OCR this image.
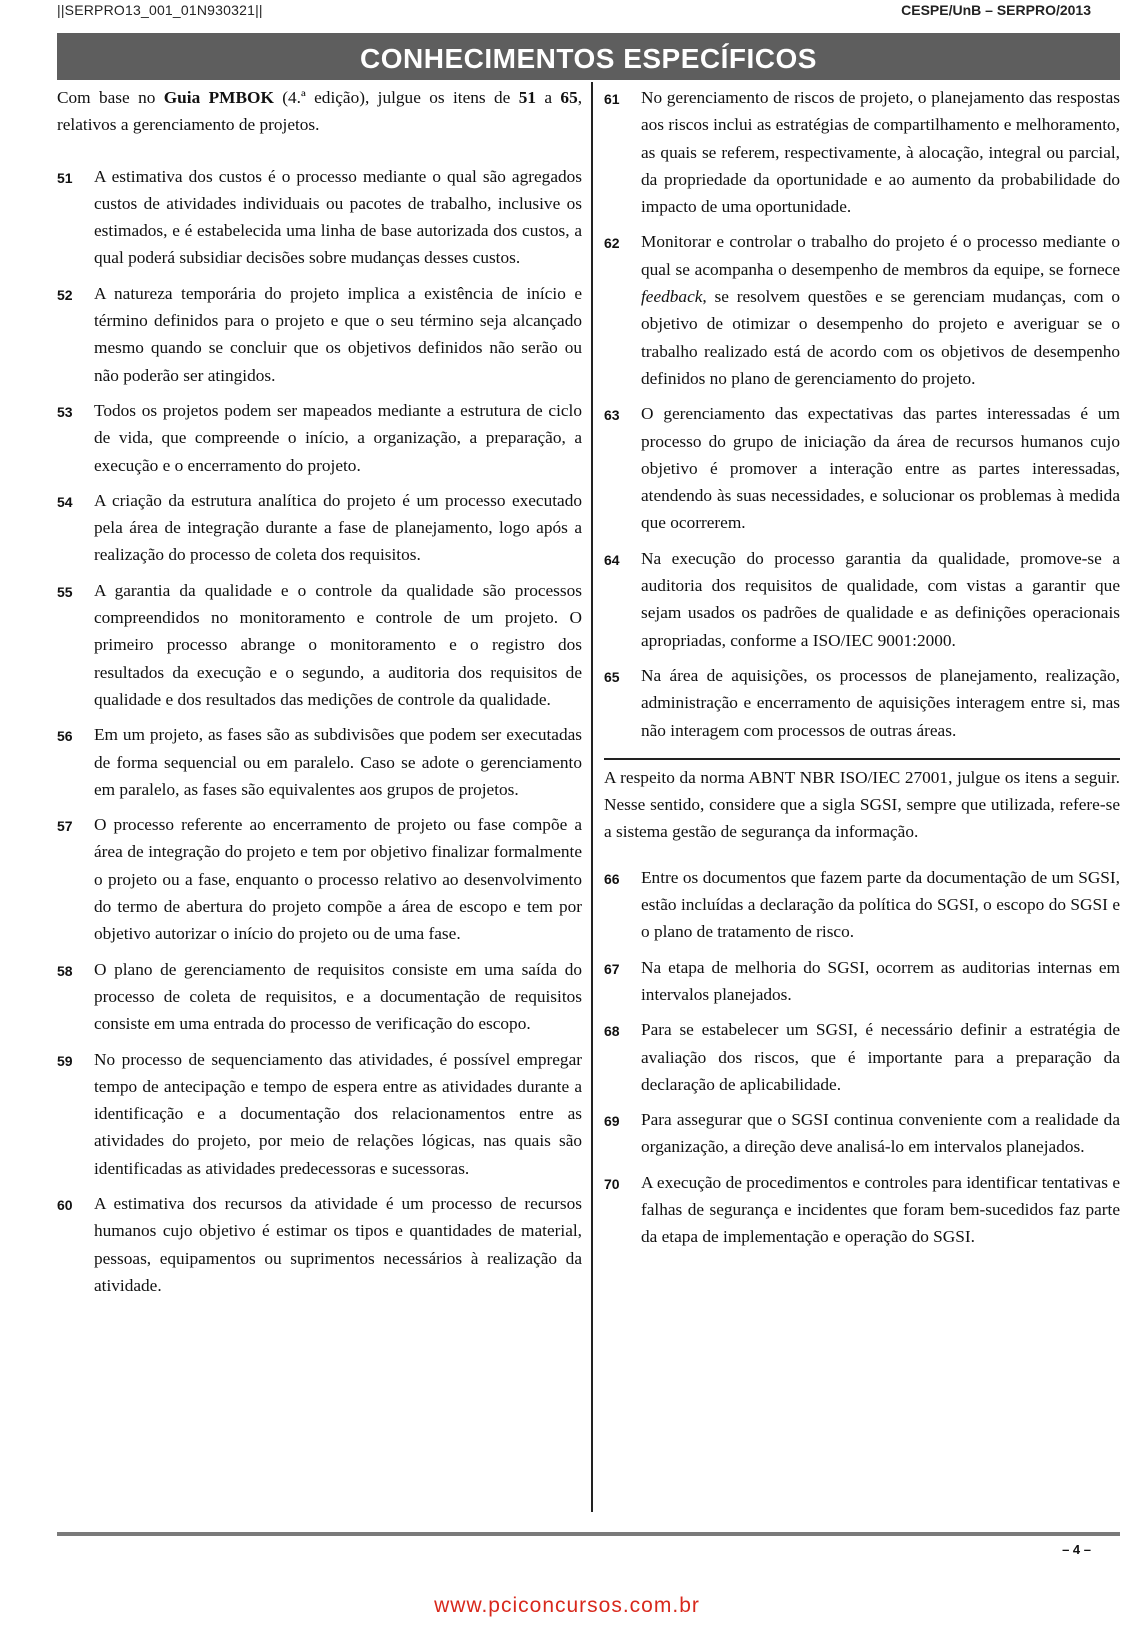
||SERPRO13_001_01N930321||	CESPE/UnB – SERPRO/2013
CONHECIMENTOS ESPECÍFICOS

Com base no Guia PMBOK (4.ª edição), julgue os itens de 51 a 65, relativos a gerenciamento de projetos.

51	A estimativa dos custos é o processo mediante o qual são agregados custos de atividades individuais ou pacotes de trabalho, inclusive os estimados, e é estabelecida uma linha de base autorizada dos custos, a qual poderá subsidiar decisões sobre mudanças desses custos.
52	A natureza temporária do projeto implica a existência de início e término definidos para o projeto e que o seu término seja alcançado mesmo quando se concluir que os objetivos definidos não serão ou não poderão ser atingidos.
53	Todos os projetos podem ser mapeados mediante a estrutura de ciclo de vida, que compreende o início, a organização, a preparação, a execução e o encerramento do projeto.
54	A criação da estrutura analítica do projeto é um processo executado pela área de integração durante a fase de planejamento, logo após a realização do processo de coleta dos requisitos.
55	A garantia da qualidade e o controle da qualidade são processos compreendidos no monitoramento e controle de um projeto. O primeiro processo abrange o monitoramento e o registro dos resultados da execução e o segundo, a auditoria dos requisitos de qualidade e dos resultados das medições de controle da qualidade.
56	Em um projeto, as fases são as subdivisões que podem ser executadas de forma sequencial ou em paralelo. Caso se adote o gerenciamento em paralelo, as fases são equivalentes aos grupos de projetos.
57	O processo referente ao encerramento de projeto ou fase compõe a área de integração do projeto e tem por objetivo finalizar formalmente o projeto ou a fase, enquanto o processo relativo ao desenvolvimento do termo de abertura do projeto compõe a área de escopo e tem por objetivo autorizar o início do projeto ou de uma fase.
58	O plano de gerenciamento de requisitos consiste em uma saída do processo de coleta de requisitos, e a documentação de requisitos consiste em uma entrada do processo de verificação do escopo.
59	No processo de sequenciamento das atividades, é possível empregar tempo de antecipação e tempo de espera entre as atividades durante a identificação e a documentação dos relacionamentos entre as atividades do projeto, por meio de relações lógicas, nas quais são identificadas as atividades predecessoras e sucessoras.
60	A estimativa dos recursos da atividade é um processo de recursos humanos cujo objetivo é estimar os tipos e quantidades de material, pessoas, equipamentos ou suprimentos necessários à realização da atividade.
61	No gerenciamento de riscos de projeto, o planejamento das respostas aos riscos inclui as estratégias de compartilhamento e melhoramento, as quais se referem, respectivamente, à alocação, integral ou parcial, da propriedade da oportunidade e ao aumento da probabilidade do impacto de uma oportunidade.
62	Monitorar e controlar o trabalho do projeto é o processo mediante o qual se acompanha o desempenho de membros da equipe, se fornece feedback, se resolvem questões e se gerenciam mudanças, com o objetivo de otimizar o desempenho do projeto e averiguar se o trabalho realizado está de acordo com os objetivos de desempenho definidos no plano de gerenciamento do projeto.
63	O gerenciamento das expectativas das partes interessadas é um processo do grupo de iniciação da área de recursos humanos cujo objetivo é promover a interação entre as partes interessadas, atendendo às suas necessidades, e solucionar os problemas à medida que ocorrerem.
64	Na execução do processo garantia da qualidade, promove-se a auditoria dos requisitos de qualidade, com vistas a garantir que sejam usados os padrões de qualidade e as definições operacionais apropriadas, conforme a ISO/IEC 9001:2000.
65	Na área de aquisições, os processos de planejamento, realização, administração e encerramento de aquisições interagem entre si, mas não interagem com processos de outras áreas.

A respeito da norma ABNT NBR ISO/IEC 27001, julgue os itens a seguir. Nesse sentido, considere que a sigla SGSI, sempre que utilizada, refere-se a sistema gestão de segurança da informação.

66	Entre os documentos que fazem parte da documentação de um SGSI, estão incluídas a declaração da política do SGSI, o escopo do SGSI e o plano de tratamento de risco.
67	Na etapa de melhoria do SGSI, ocorrem as auditorias internas em intervalos planejados.
68	Para se estabelecer um SGSI, é necessário definir a estratégia de avaliação dos riscos, que é importante para a preparação da declaração de aplicabilidade.
69	Para assegurar que o SGSI continua conveniente com a realidade da organização, a direção deve analisá-lo em intervalos planejados.
70	A execução de procedimentos e controles para identificar tentativas e falhas de segurança e incidentes que foram bem-sucedidos faz parte da etapa de implementação e operação do SGSI.
– 4 –
www.pciconcursos.com.br
